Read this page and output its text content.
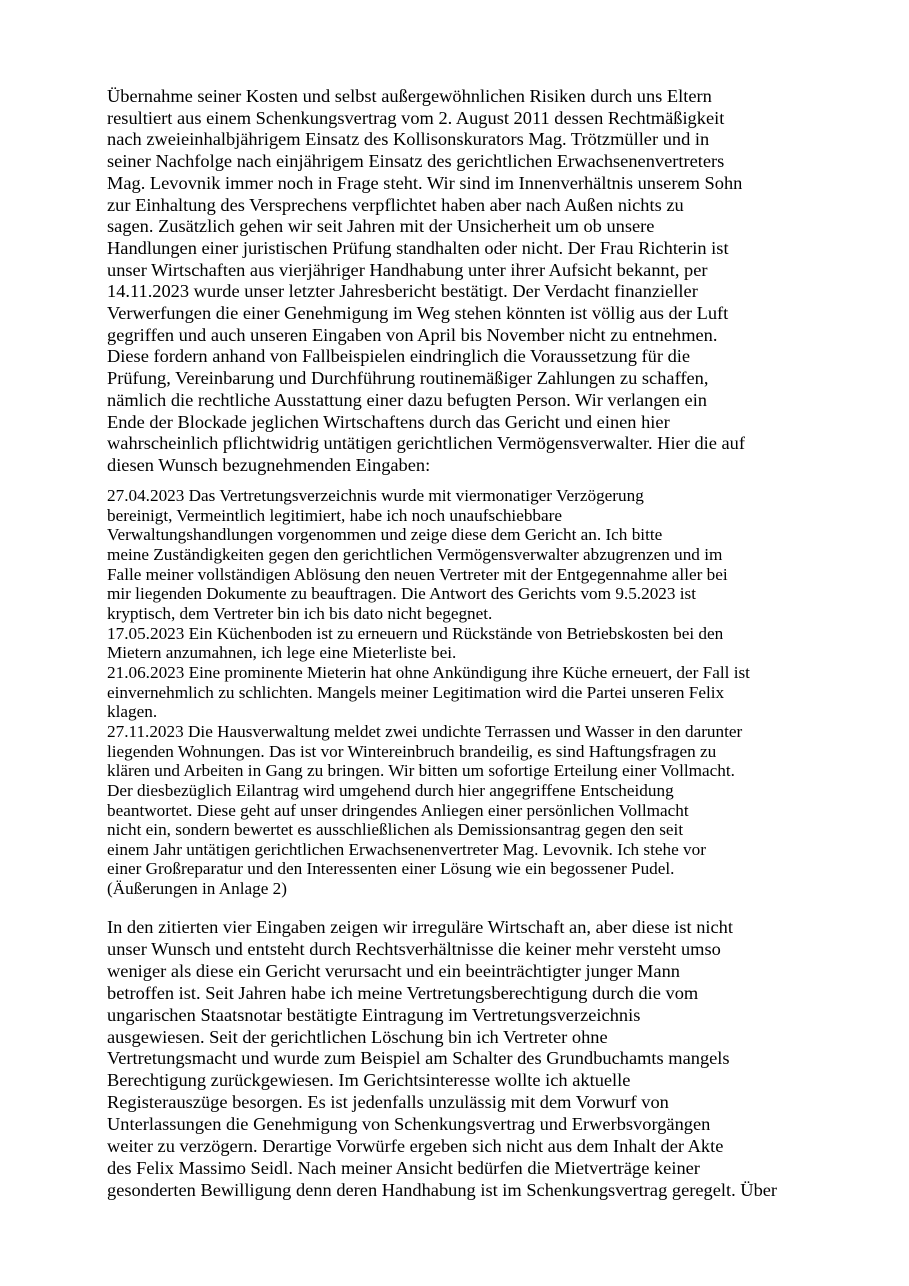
Übernahme seiner Kosten und selbst außergewöhnlichen Risiken durch uns Eltern
resultiert aus einem Schenkungsvertrag vom 2. August 2011 dessen Rechtmäßigkeit
nach zweieinhalbjährigem Einsatz des Kollisonskurators Mag. Trötzmüller und in
seiner Nachfolge nach einjährigem Einsatz des gerichtlichen Erwachsenenvertreters
Mag. Levovnik immer noch in Frage steht. Wir sind im Innenverhältnis unserem Sohn
zur Einhaltung des Versprechens verpflichtet haben aber nach Außen nichts zu
sagen. Zusätzlich gehen wir seit Jahren mit der Unsicherheit um ob unsere
Handlungen einer juristischen Prüfung standhalten oder nicht. Der Frau Richterin ist
unser Wirtschaften aus vierjähriger Handhabung unter ihrer Aufsicht bekannt, per
14.11.2023 wurde unser letzter Jahresbericht bestätigt. Der Verdacht finanzieller
Verwerfungen die einer Genehmigung im Weg stehen könnten ist völlig aus der Luft
gegriffen und auch unseren Eingaben von April bis November nicht zu entnehmen.
Diese fordern anhand von Fallbeispielen eindringlich die Voraussetzung für die
Prüfung, Vereinbarung und Durchführung routinemäßiger Zahlungen zu schaffen,
nämlich die rechtliche Ausstattung einer dazu befugten Person. Wir verlangen ein
Ende der Blockade jeglichen Wirtschaftens durch das Gericht und einen hier
wahrscheinlich pflichtwidrig untätigen gerichtlichen Vermögensverwalter. Hier die auf
diesen Wunsch bezugnehmenden Eingaben:
27.04.2023 Das Vertretungsverzeichnis wurde mit viermonatiger Verzögerung
bereinigt, Vermeintlich legitimiert, habe ich noch unaufschiebbare
Verwaltungshandlungen vorgenommen und zeige diese dem Gericht an. Ich bitte
meine Zuständigkeiten gegen den gerichtlichen Vermögensverwalter abzugrenzen und im
Falle meiner vollständigen Ablösung den neuen Vertreter mit der Entgegennahme aller bei
mir liegenden Dokumente zu beauftragen. Die Antwort des Gerichts vom 9.5.2023 ist
kryptisch, dem Vertreter bin ich bis dato nicht begegnet.
17.05.2023 Ein Küchenboden ist zu erneuern und Rückstände von Betriebskosten bei den
Mietern anzumahnen, ich lege eine Mieterliste bei.
21.06.2023 Eine prominente Mieterin hat ohne Ankündigung ihre Küche erneuert, der Fall ist
einvernehmlich zu schlichten. Mangels meiner Legitimation wird die Partei unseren Felix
klagen.
27.11.2023 Die Hausverwaltung meldet zwei undichte Terrassen und Wasser in den darunter
liegenden Wohnungen. Das ist vor Wintereinbruch brandeilig, es sind Haftungsfragen zu
klären und Arbeiten in Gang zu bringen. Wir bitten um sofortige Erteilung einer Vollmacht.
Der diesbezüglich Eilantrag wird umgehend durch hier angegriffene Entscheidung
beantwortet. Diese geht auf unser dringendes Anliegen einer persönlichen Vollmacht
nicht ein, sondern bewertet es ausschließlichen als Demissionsantrag gegen den seit
einem Jahr untätigen gerichtlichen Erwachsenenvertreter Mag. Levovnik. Ich stehe vor
einer Großreparatur und den Interessenten einer Lösung wie ein begossener Pudel.
(Äußerungen in Anlage 2)
In den zitierten vier Eingaben zeigen wir irreguläre Wirtschaft an, aber diese ist nicht
unser Wunsch und entsteht durch Rechtsverhältnisse die keiner mehr versteht umso
weniger als diese ein Gericht verursacht und ein beeinträchtigter junger Mann
betroffen ist. Seit Jahren habe ich meine Vertretungsberechtigung durch die vom
ungarischen Staatsnotar bestätigte Eintragung im Vertretungsverzeichnis
ausgewiesen. Seit der gerichtlichen Löschung bin ich Vertreter ohne
Vertretungsmacht und wurde zum Beispiel am Schalter des Grundbuchamts mangels
Berechtigung zurückgewiesen. Im Gerichtsinteresse wollte ich aktuelle
Registerauszüge besorgen. Es ist jedenfalls unzulässig mit dem Vorwurf von
Unterlassungen die Genehmigung von Schenkungsvertrag und Erwerbsvorgängen
weiter zu verzögern. Derartige Vorwürfe ergeben sich nicht aus dem Inhalt der Akte
des Felix Massimo Seidl. Nach meiner Ansicht bedürfen die Mietverträge keiner
gesonderten Bewilligung denn deren Handhabung ist im Schenkungsvertrag geregelt. Über
